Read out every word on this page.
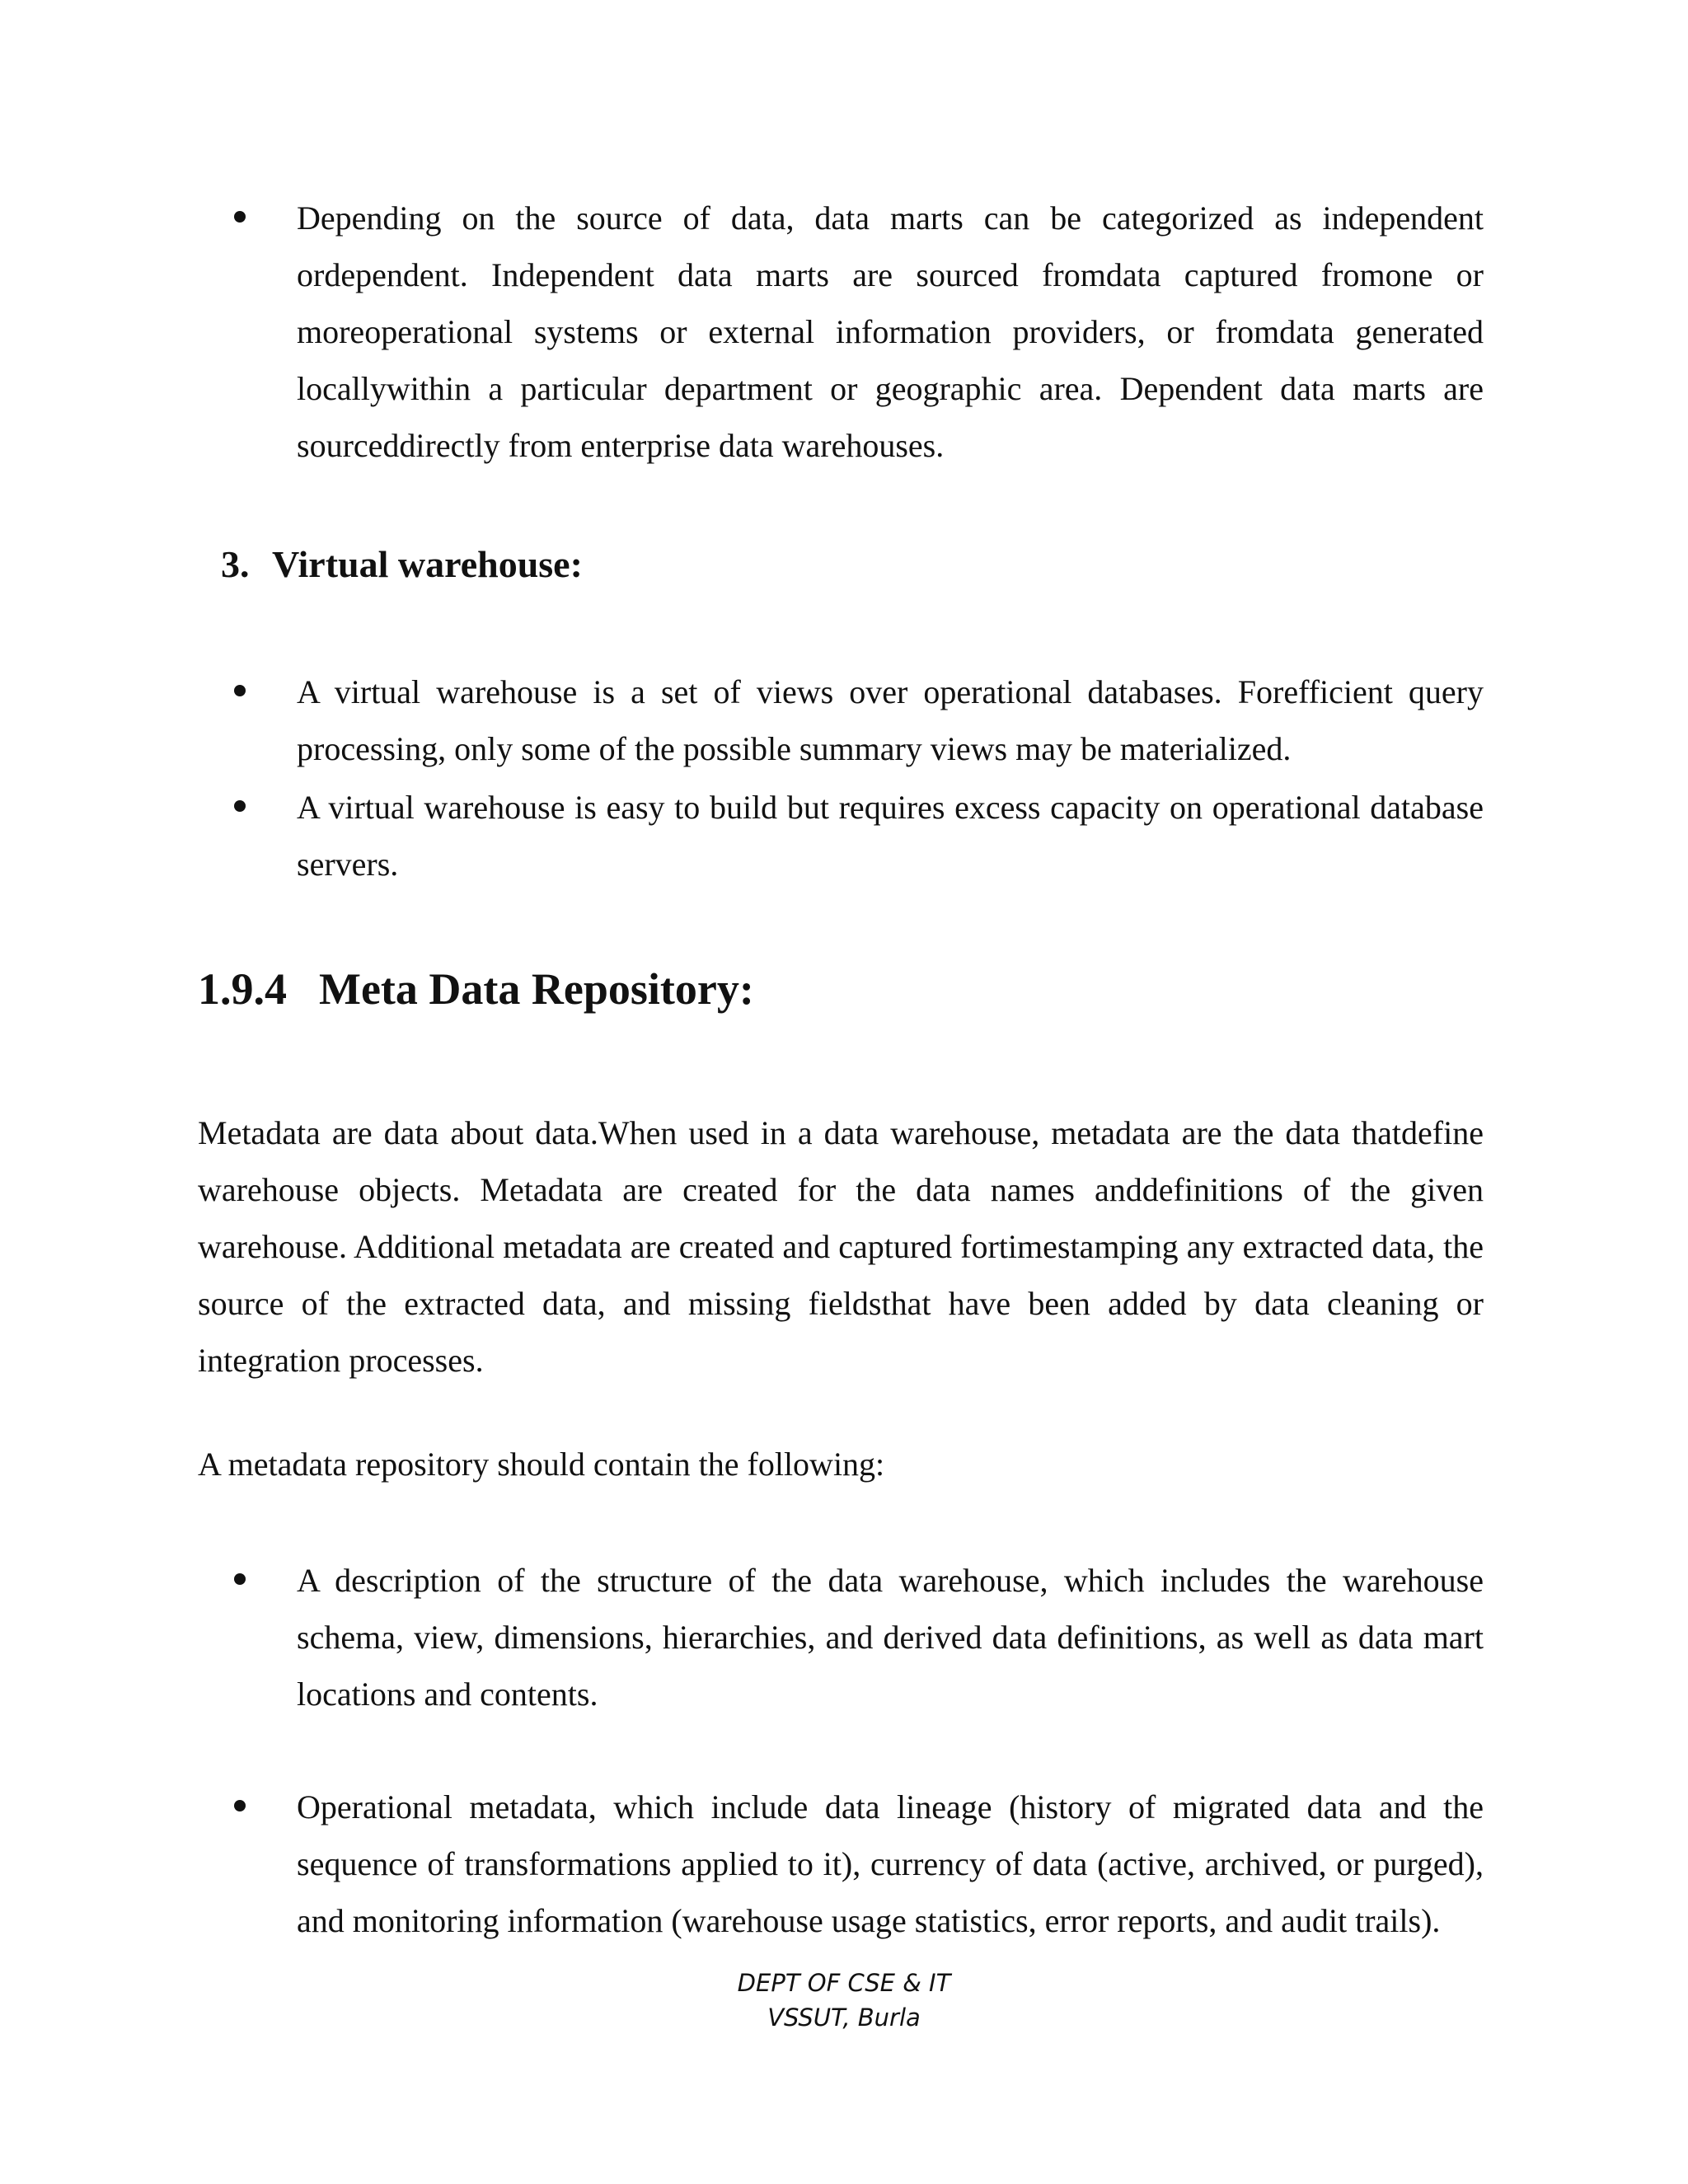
Depending on the source of data, data marts can be categorized as independent ordependent. Independent data marts are sourced fromdata captured fromone or moreoperational systems or external information providers, or fromdata generated locallywithin a particular department or geographic area. Dependent data marts are sourceddirectly from enterprise data warehouses.
3. Virtual warehouse:
A virtual warehouse is a set of views over operational databases. Forefficient query processing, only some of the possible summary views may be materialized.
A virtual warehouse is easy to build but requires excess capacity on operational database servers.
1.9.4 Meta Data Repository:
Metadata are data about data.When used in a data warehouse, metadata are the data thatdefine warehouse objects. Metadata are created for the data names anddefinitions of the given warehouse. Additional metadata are created and captured fortimestamping any extracted data, the source of the extracted data, and missing fieldsthat have been added by data cleaning or integration processes.
A metadata repository should contain the following:
A description of the structure of the data warehouse, which includes the warehouse schema, view, dimensions, hierarchies, and derived data definitions, as well as data mart locations and contents.
Operational metadata, which include data lineage (history of migrated data and the sequence of transformations applied to it), currency of data (active, archived, or purged), and monitoring information (warehouse usage statistics, error reports, and audit trails).
DEPT OF CSE & IT
VSSUT, Burla
